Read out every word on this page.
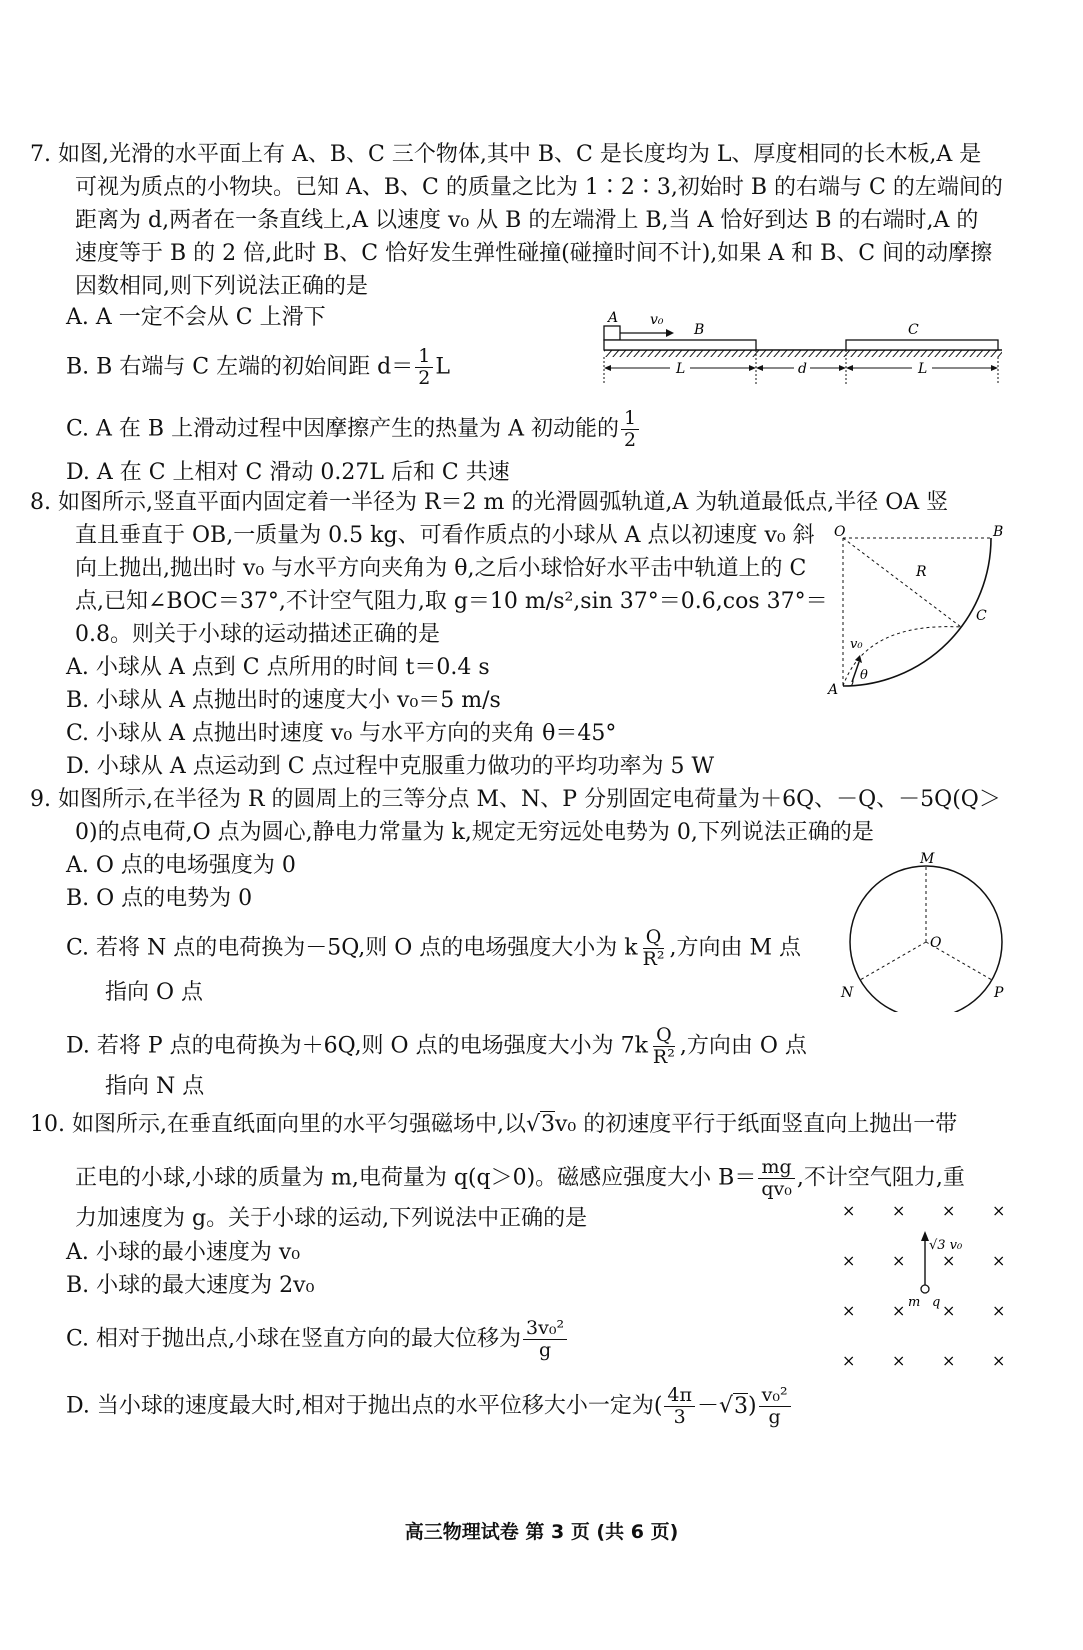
7. 如图,光滑的水平面上有 A、B、C 三个物体,其中 B、C 是长度均为 L、厚度相同的长木板,A 是
可视为质点的小物块。已知 A、B、C 的质量之比为 1∶2∶3,初始时 B 的右端与 C 的左端间的
距离为 d,两者在一条直线上,A 以速度 v₀ 从 B 的左端滑上 B,当 A 恰好到达 B 的右端时,A 的
速度等于 B 的 2 倍,此时 B、C 恰好发生弹性碰撞(碰撞时间不计),如果 A 和 B、C 间的动摩擦
因数相同,则下列说法正确的是
A. A 一定不会从 C 上滑下
B. B 右端与 C 左端的初始间距 $d= \frac{1}{2}$ L
C. A 在 B 上滑动过程中因摩擦产生的热量为 A 初动能的 $\frac{1}{2}$
D. A 在 C 上相对 C 滑动 0.27L 后和 C 共速
A v₀
B	C
L	d	L
8. 如图所示,竖直平面内固定着一半径为 R＝2 m 的光滑圆弧轨道,A 为轨道最低点,半径 OA 竖
直且垂直于 OB,一质量为 0.5 kg、可看作质点的小球从 A 点以初速度 v₀ 斜
向上抛出,抛出时 v₀ 与水平方向夹角为 θ,之后小球恰好水平击中轨道上的 C
点,已知∠BOC＝37°,不计空气阻力,取 g＝10 m/s²,sin 37°＝0.6,cos 37°＝
0.8。则关于小球的运动描述正确的是
A. 小球从 A 点到 C 点所用的时间 t＝0.4 s
B. 小球从 A 点抛出时的速度大小 v₀＝5 m/s
C. 小球从 A 点抛出时速度 v₀ 与水平方向的夹角 θ＝45°
D. 小球从 A 点运动到 C 点过程中克服重力做功的平均功率为 5 W
O	B
R
C
v₀
θ
A
9. 如图所示,在半径为 R 的圆周上的三等分点 M、N、P 分别固定电荷量为＋6Q、－Q、－5Q(Q＞
0)的点电荷,O 点为圆心,静电力常量为 k,规定无穷远处电势为 0,下列说法正确的是
A. O 点的电场强度为 0
B. O 点的电势为 0
C. 若将 N 点的电荷换为－5Q,则 O 点的电场强度大小为 k $\frac{Q}{\text{R²}}$ ,方向由 M 点
指向 O 点
D. 若将 P 点的电荷换为＋6Q,则 O 点的电场强度大小为 $7k \frac{Q}{\text{R²}}$ ,方向由 O 点
指向 N 点
M
O
N	P
10. 如图所示,在垂直纸面向里的水平匀强磁场中,以√3v₀ 的初速度平行于纸面竖直向上抛出一带
正电的小球,小球的质量为 m,电荷量为 q(q＞0)。磁感应强度大小 $B= \frac{mg}{\text{qv₀}}$ ,不计空气阻力,重
力加速度为 g。关于小球的运动,下列说法中正确的是
A. 小球的最小速度为 v₀
B. 小球的最大速度为 2v₀
C. 相对于抛出点,小球在竖直方向的最大位移为 $\frac{\text{3v₀²}}{g}$
D. 当小球的速度最大时,相对于抛出点的水平位移大小一定为( $\frac{4\pi}{3} -√3) \frac{\text{v₀²}}{g}$
× × × ×
× × × ×
× × × ×
× × × ×
√3 v₀
m q
高三物理试卷 第 3 页 (共 6 页)
